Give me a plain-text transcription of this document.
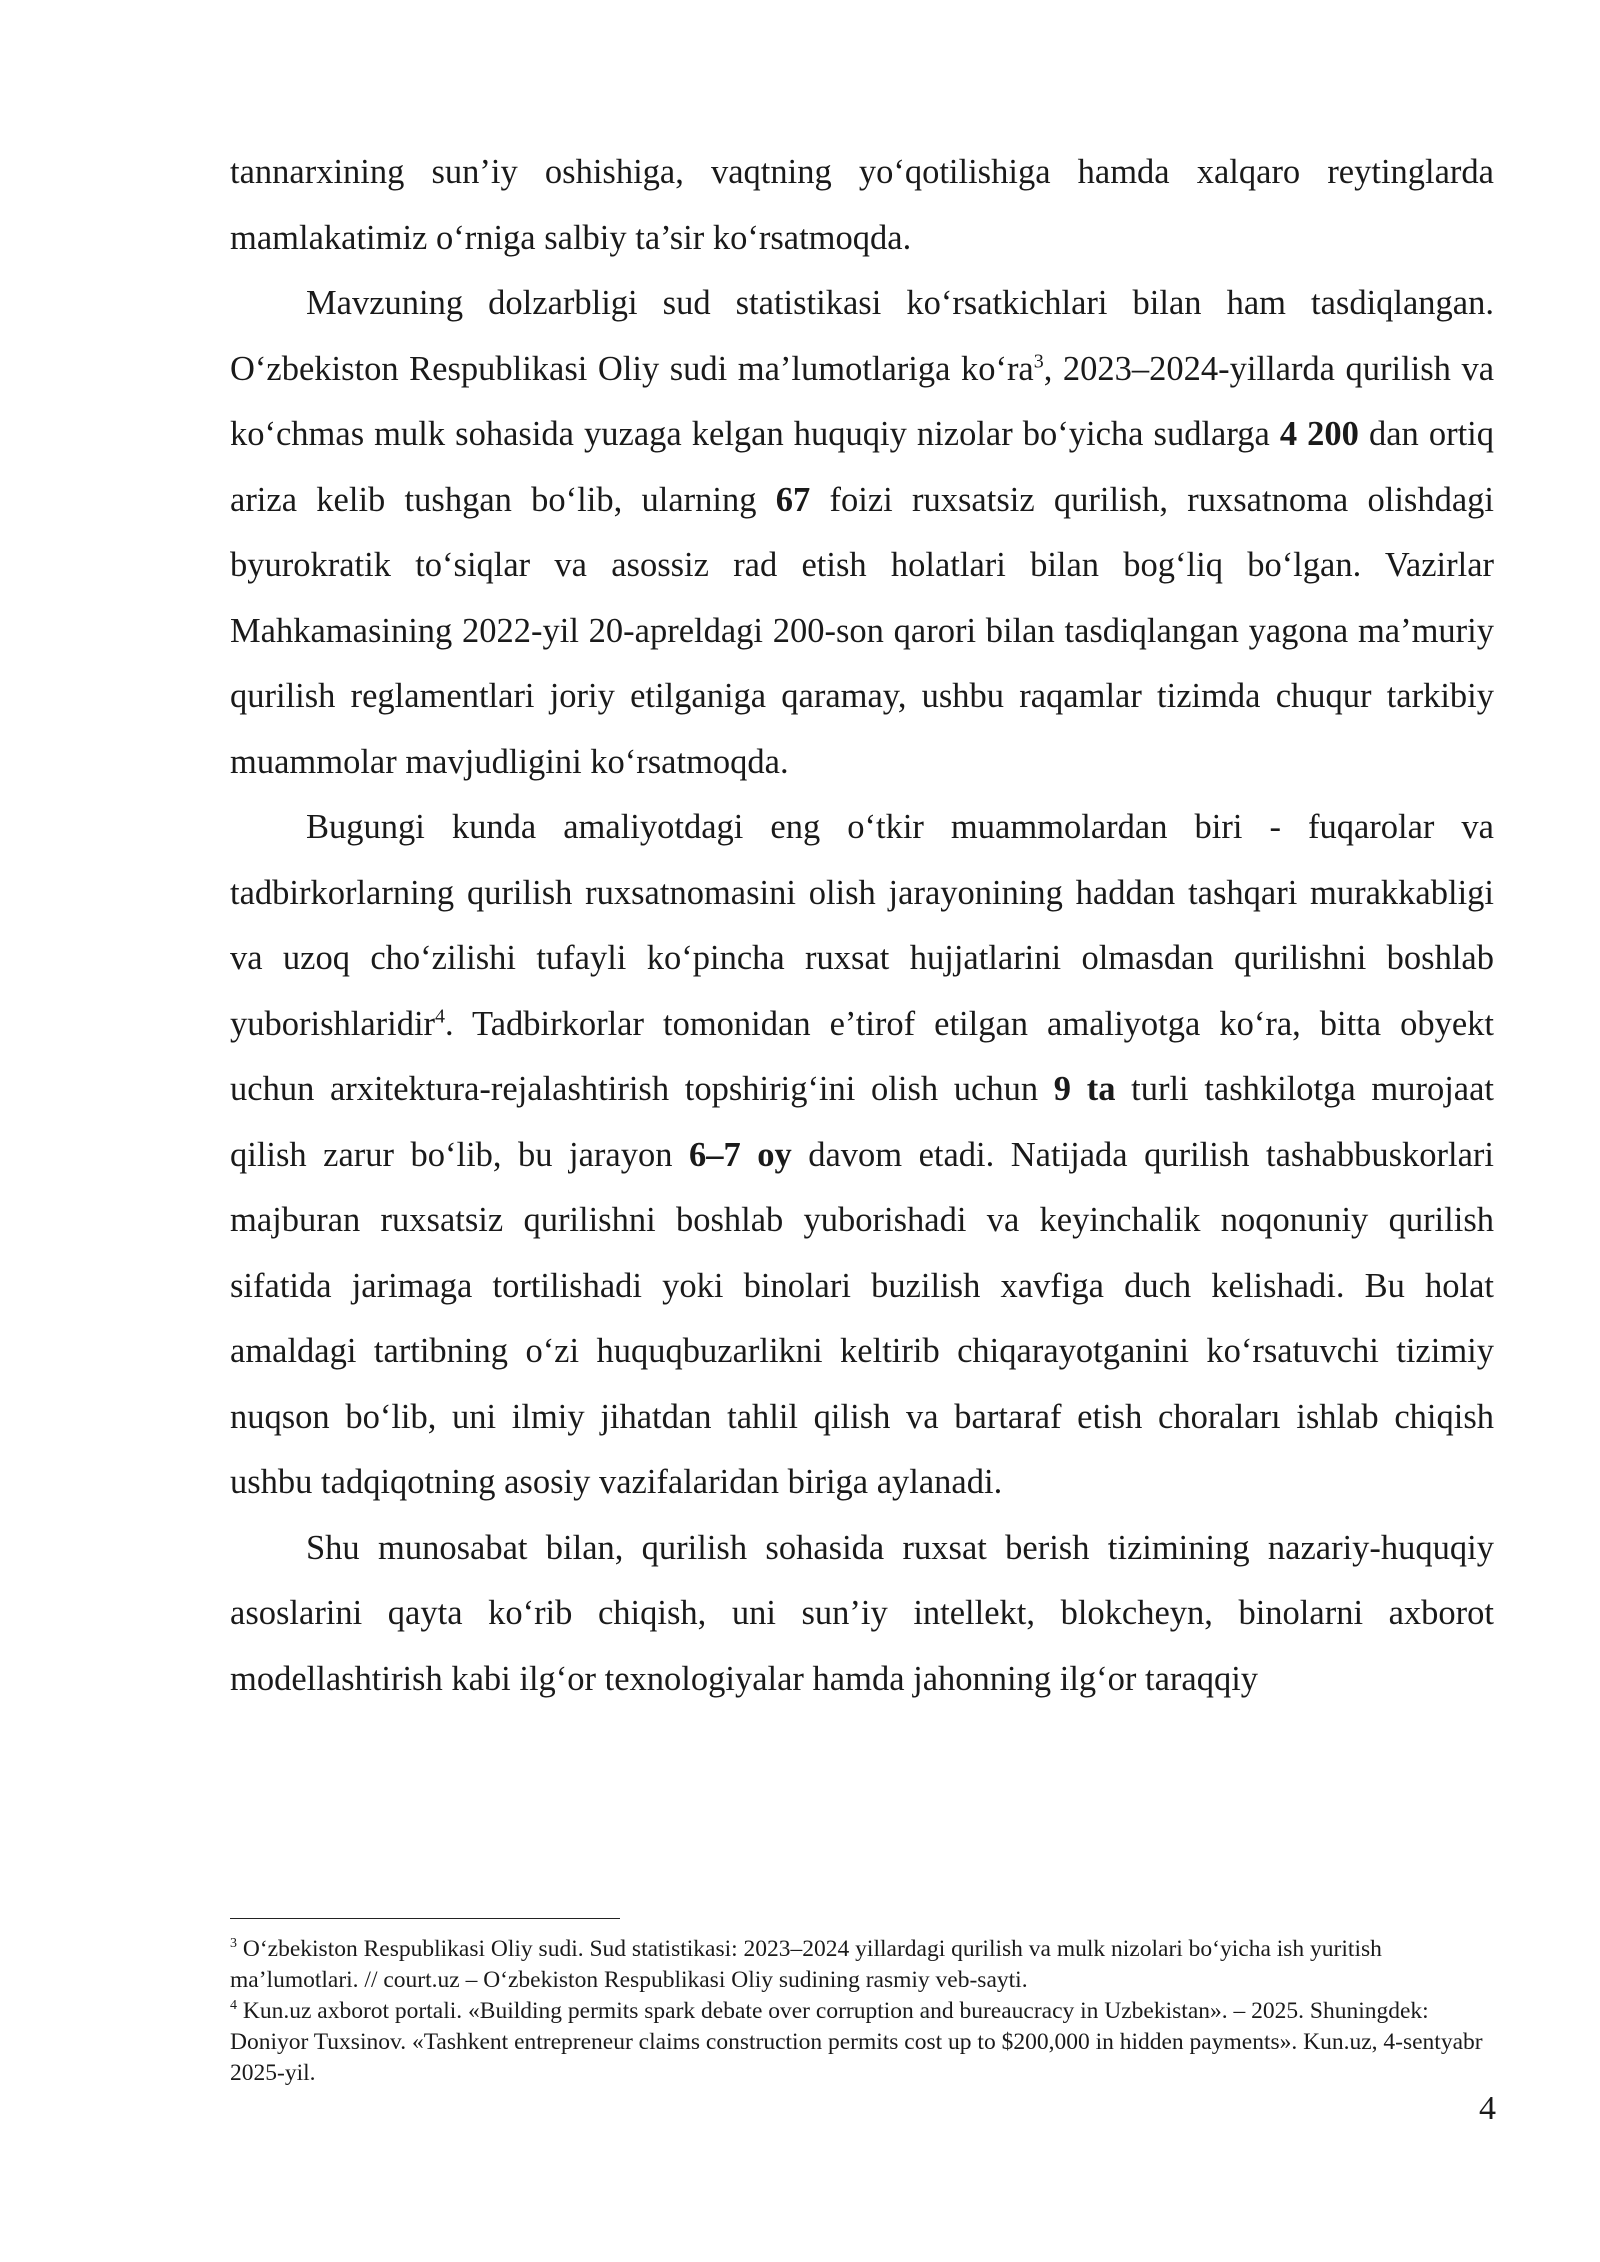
tannarxining sun’iy oshishiga, vaqtning yo‘qotilishiga hamda xalqaro reytinglarda mamlakatimiz o‘rniga salbiy ta’sir ko‘rsatmoqda.

Mavzuning dolzarbligi sud statistikasi ko‘rsatkichlari bilan ham tasdiqlangan. O‘zbekiston Respublikasi Oliy sudi ma’lumotlariga $ko‘ra^3$, 2023–2024-yillarda qurilish va ko‘chmas mulk sohasida yuzaga kelgan huquqiy nizolar bo‘yicha sudlarga 4 200 dan ortiq ariza kelib tushgan bo‘lib, ularning 67 foizi ruxsatsiz qurilish, ruxsatnoma olishdagi byurokratik to‘siqlar va asossiz rad etish holatlari bilan bog‘liq bo‘lgan. Vazirlar Mahkamasining 2022-yil 20-apreldagi 200-son qarori bilan tasdiqlangan yagona ma’muriy qurilish reglamentlari joriy etilganiga qaramay, ushbu raqamlar tizimda chuqur tarkibiy muammolar mavjudligini ko‘rsatmoqda.

Bugungi kunda amaliyotdagi eng o‘tkir muammolardan biri - fuqarolar va tadbirkorlarning qurilish ruxsatnomasini olish jarayonining haddan tashqari murakkabligi va uzoq cho‘zilishi tufayli ko‘pincha ruxsat hujjatlarini olmasdan qurilishni boshlab yuborishlaridir$^4$. Tadbirkorlar tomonidan e’tirof etilgan amaliyotga ko‘ra, bitta obyekt uchun arxitektura-rejalashtirish topshirig‘ini olish uchun 9 ta turli tashkilotga murojaat qilish zarur bo‘lib, bu jarayon 6–7 oy davom etadi. Natijada qurilish tashabbuskorlari majburan ruxsatsiz qurilishni boshlab yuborishadi va keyinchalik noqonuniy qurilish sifatida jarimaga tortilishadi yoki binolari buzilish xavfiga duch kelishadi. Bu holat amaldagi tartibning o‘zi huquqbuzarlikni keltirib chiqarayotganini ko‘rsatuvchi tizimiy nuqson bo‘lib, uni ilmiy jihatdan tahlil qilish va bartaraf etish choraları ishlab chiqish ushbu tadqiqotning asosiy vazifalaridan biriga aylanadi.

Shu munosabat bilan, qurilish sohasida ruxsat berish tizimining nazariy-huquqiy asoslarini qayta ko‘rib chiqish, uni sun’iy intellekt, blokcheyn, binolarni axborot modellashtirish kabi ilg‘or texnologiyalar hamda jahonning ilg‘or taraqqiy

$^3$ O‘zbekiston Respublikasi Oliy sudi. Sud statistikasi: 2023–2024 yillardagi qurilish va mulk nizolari bo‘yicha ish yuritish ma’lumotlari. // court.uz – O‘zbekiston Respublikasi Oliy sudining rasmiy veb-sayti.

$^4$ Kun.uz axborot portali. «Building permits spark debate over corruption and bureaucracy in Uzbekistan». – 2025. Shuningdek: Doniyor Tuxsinov. «Tashkent entrepreneur claims construction permits cost up to $200,000 in hidden payments». Kun.uz, 4-sentyabr 2025-yil.

4
